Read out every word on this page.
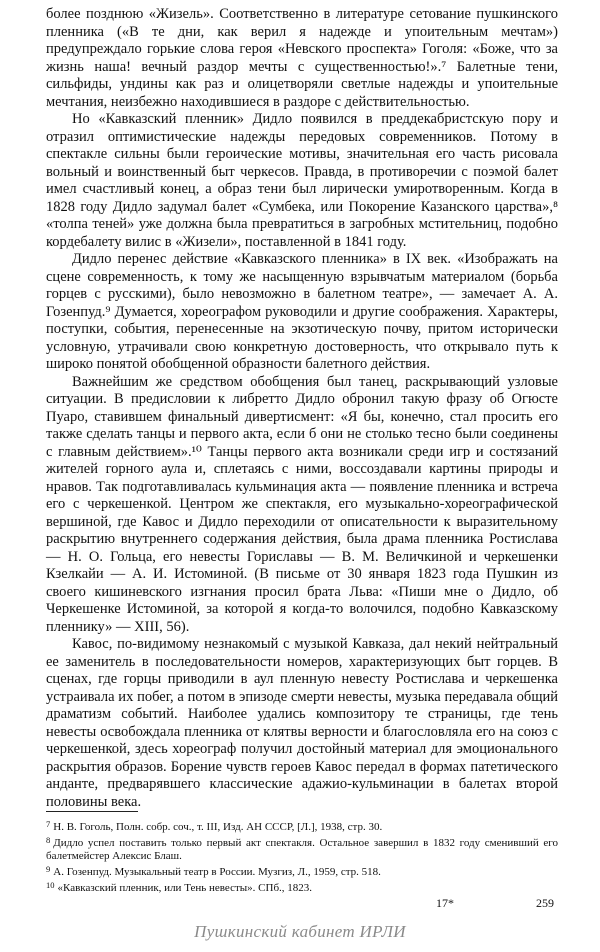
более позднюю «Жизель». Соответственно в литературе сетование пушкинского пленника («В те дни, как верил я надежде и упоительным мечтам») предупреждало горькие слова героя «Невского проспекта» Гоголя: «Боже, что за жизнь наша! вечный раздор мечты с существенностью!».⁷ Балетные тени, сильфиды, ундины как раз и олицетворяли светлые надежды и упоительные мечтания, неизбежно находившиеся в раздоре с действительностью.

Но «Кавказский пленник» Дидло появился в преддекабристскую пору и отразил оптимистические надежды передовых современников. Потому в спектакле сильны были героические мотивы, значительная его часть рисовала вольный и воинственный быт черкесов. Правда, в противоречии с поэмой балет имел счастливый конец, а образ тени был лирически умиротворенным. Когда в 1828 году Дидло задумал балет «Сумбека, или Покорение Казанского царства»,⁸ «толпа теней» уже должна была превратиться в загробных мстительниц, подобно кордебалету вилис в «Жизели», поставленной в 1841 году.

Дидло перенес действие «Кавказского пленника» в IX век. «Изображать на сцене современность, к тому же насыщенную взрывчатым материалом (борьба горцев с русскими), было невозможно в балетном театре», — замечает А. А. Гозенпуд.⁹ Думается, хореографом руководили и другие соображения. Характеры, поступки, события, перенесенные на экзотическую почву, притом исторически условную, утрачивали свою конкретную достоверность, что открывало путь к широко понятой обобщенной образности балетного действия.

Важнейшим же средством обобщения был танец, раскрывающий узловые ситуации. В предисловии к либретто Дидло обронил такую фразу об Огюсте Пуаро, ставившем финальный дивертисмент: «Я бы, конечно, стал просить его также сделать танцы и первого акта, если б они не столько тесно были соединены с главным действием».¹⁰ Танцы первого акта возникали среди игр и состязаний жителей горного аула и, сплетаясь с ними, воссоздавали картины природы и нравов. Так подготавливалась кульминация акта — появление пленника и встреча его с черкешенкой. Центром же спектакля, его музыкально-хореографической вершиной, где Кавос и Дидло переходили от описательности к выразительному раскрытию внутреннего содержания действия, была драма пленника Ростислава — Н. О. Гольца, его невесты Гориславы — В. М. Величкиной и черкешенки Кзелкайи — А. И. Истоминой. (В письме от 30 января 1823 года Пушкин из своего кишиневского изгнания просил брата Льва: «Пиши мне о Дидло, об Черкешенке Истоминой, за которой я когда-то волочился, подобно Кавказскому пленнику» — XIII, 56).

Кавос, по-видимому незнакомый с музыкой Кавказа, дал некий нейтральный ее заменитель в последовательности номеров, характеризующих быт горцев. В сценах, где горцы приводили в аул пленную невесту Ростислава и черкешенка устраивала их побег, а потом в эпизоде смерти невесты, музыка передавала общий драматизм событий. Наиболее удались композитору те страницы, где тень невесты освобождала пленника от клятвы верности и благословляла его на союз с черкешенкой, здесь хореограф получил достойный материал для эмоционального раскрытия образов. Борение чувств героев Кавос передал в формах патетического анданте, предварявшего классические адажио-кульминации в балетах второй половины века.

$^7$ Н. В. Гоголь, Полн. собр. соч., т. III, Изд. АН СССР, [Л.], 1938, стр. 30.

$^8$ Дидло успел поставить только первый акт спектакля. Остальное завершил в 1832 году сменивший его балетмейстер Алексис Блаш.

$^9$ А. Гозенпуд. Музыкальный театр в России. Музгиз, Л., 1959, стр. 518.

$^{10}$ «Кавказский пленник, или Тень невесты». СПб., 1823.

17*	259
Пушкинский кабинет ИРЛИ
